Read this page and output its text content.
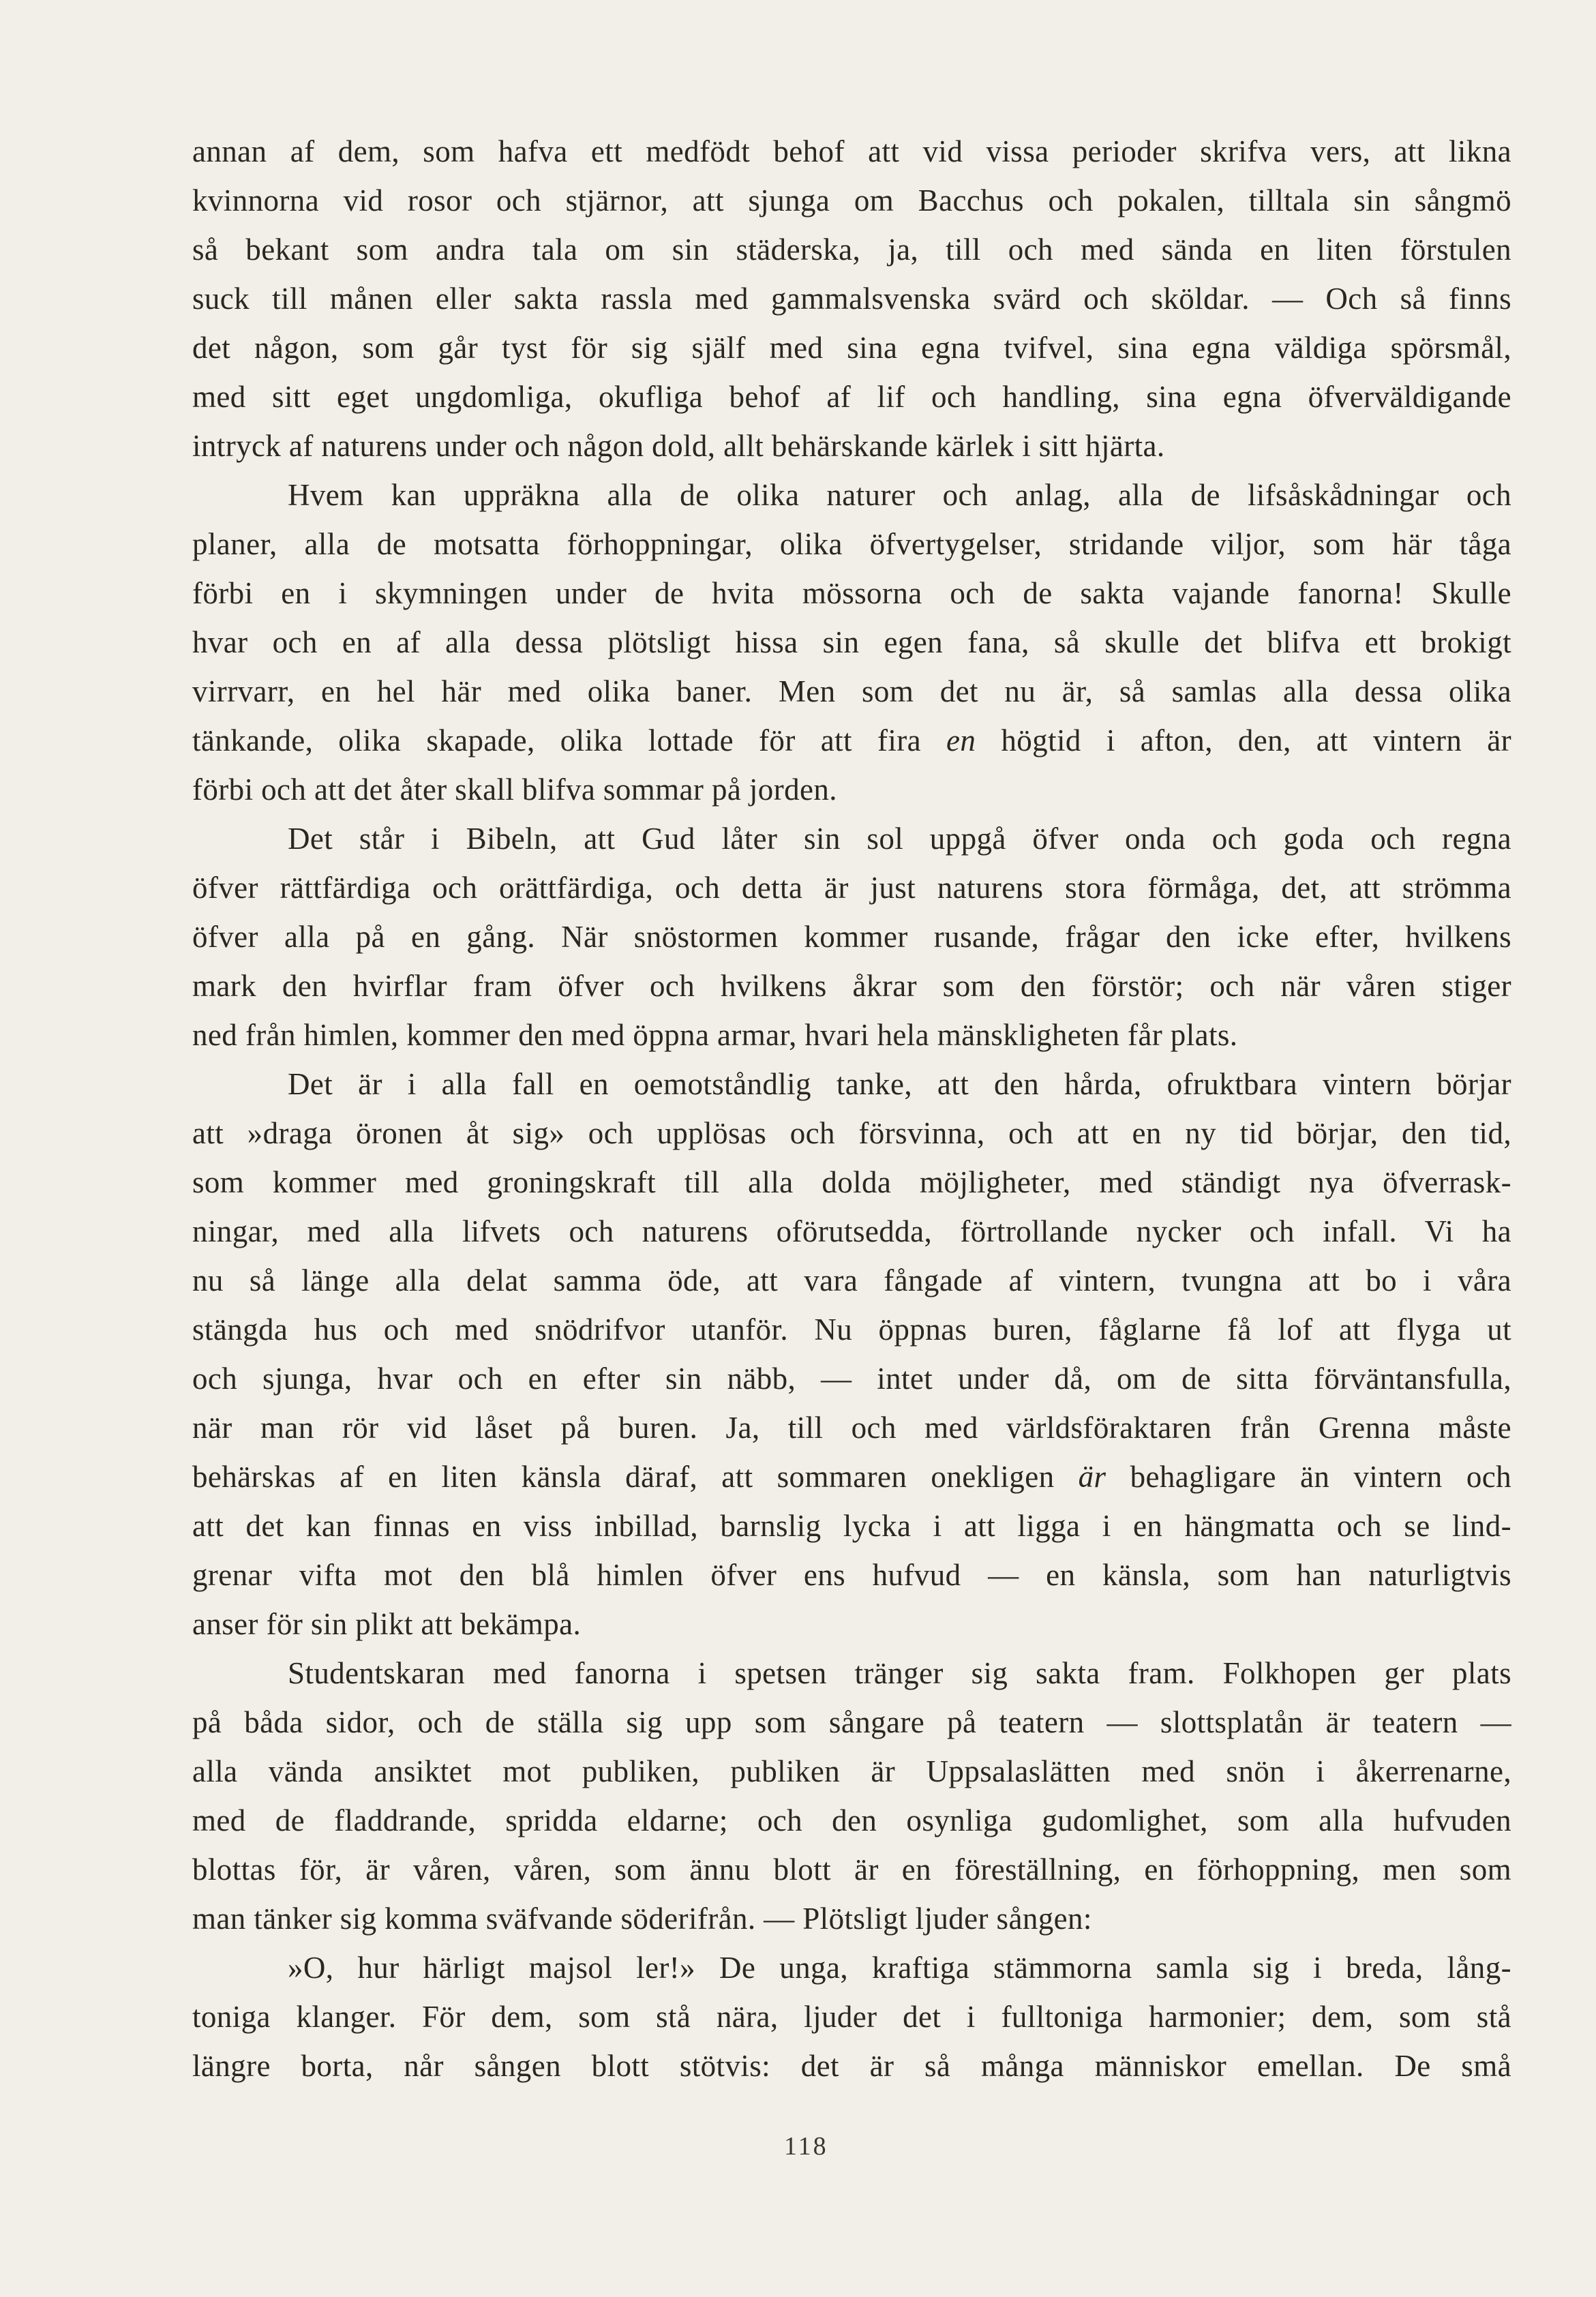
annan af dem, som hafva ett medfödt behof att vid vissa perioder skrifva vers, att likna
kvinnorna vid rosor och stjärnor, att sjunga om Bacchus och pokalen, tilltala sin sångmö
så bekant som andra tala om sin städerska, ja, till och med sända en liten förstulen
suck till månen eller sakta rassla med gammalsvenska svärd och sköldar. — Och så finns
det någon, som går tyst för sig själf med sina egna tvifvel, sina egna väldiga spörsmål,
med sitt eget ungdomliga, okufliga behof af lif och handling, sina egna öfverväldigande
intryck af naturens under och någon dold, allt behärskande kärlek i sitt hjärta.
Hvem kan uppräkna alla de olika naturer och anlag, alla de lifsåskådningar och
planer, alla de motsatta förhoppningar, olika öfvertygelser, stridande viljor, som här tåga
förbi en i skymningen under de hvita mössorna och de sakta vajande fanorna! Skulle
hvar och en af alla dessa plötsligt hissa sin egen fana, så skulle det blifva ett brokigt
virrvarr, en hel här med olika baner. Men som det nu är, så samlas alla dessa olika
tänkande, olika skapade, olika lottade för att fira en högtid i afton, den, att vintern är
förbi och att det åter skall blifva sommar på jorden.
Det står i Bibeln, att Gud låter sin sol uppgå öfver onda och goda och regna
öfver rättfärdiga och orättfärdiga, och detta är just naturens stora förmåga, det, att strömma
öfver alla på en gång. När snöstormen kommer rusande, frågar den icke efter, hvilkens
mark den hvirflar fram öfver och hvilkens åkrar som den förstör; och när våren stiger
ned från himlen, kommer den med öppna armar, hvari hela mänskligheten får plats.
Det är i alla fall en oemotståndlig tanke, att den hårda, ofruktbara vintern börjar
att »draga öronen åt sig» och upplösas och försvinna, och att en ny tid börjar, den tid,
som kommer med groningskraft till alla dolda möjligheter, med ständigt nya öfverrask-
ningar, med alla lifvets och naturens oförutsedda, förtrollande nycker och infall. Vi ha
nu så länge alla delat samma öde, att vara fångade af vintern, tvungna att bo i våra
stängda hus och med snödrifvor utanför. Nu öppnas buren, fåglarne få lof att flyga ut
och sjunga, hvar och en efter sin näbb, — intet under då, om de sitta förväntansfulla,
när man rör vid låset på buren. Ja, till och med världsföraktaren från Grenna måste
behärskas af en liten känsla däraf, att sommaren onekligen är behagligare än vintern och
att det kan finnas en viss inbillad, barnslig lycka i att ligga i en hängmatta och se lind-
grenar vifta mot den blå himlen öfver ens hufvud — en känsla, som han naturligtvis
anser för sin plikt att bekämpa.
Studentskaran med fanorna i spetsen tränger sig sakta fram. Folkhopen ger plats
på båda sidor, och de ställa sig upp som sångare på teatern — slottsplatån är teatern —
alla vända ansiktet mot publiken, publiken är Uppsalaslätten med snön i åkerrenarne,
med de fladdrande, spridda eldarne; och den osynliga gudomlighet, som alla hufvuden
blottas för, är våren, våren, som ännu blott är en föreställning, en förhoppning, men som
man tänker sig komma sväfvande söderifrån. — Plötsligt ljuder sången:
»O, hur härligt majsol ler!» De unga, kraftiga stämmorna samla sig i breda, lång-
toniga klanger. För dem, som stå nära, ljuder det i fulltoniga harmonier; dem, som stå
längre borta, når sången blott stötvis: det är så många människor emellan. De små
118
